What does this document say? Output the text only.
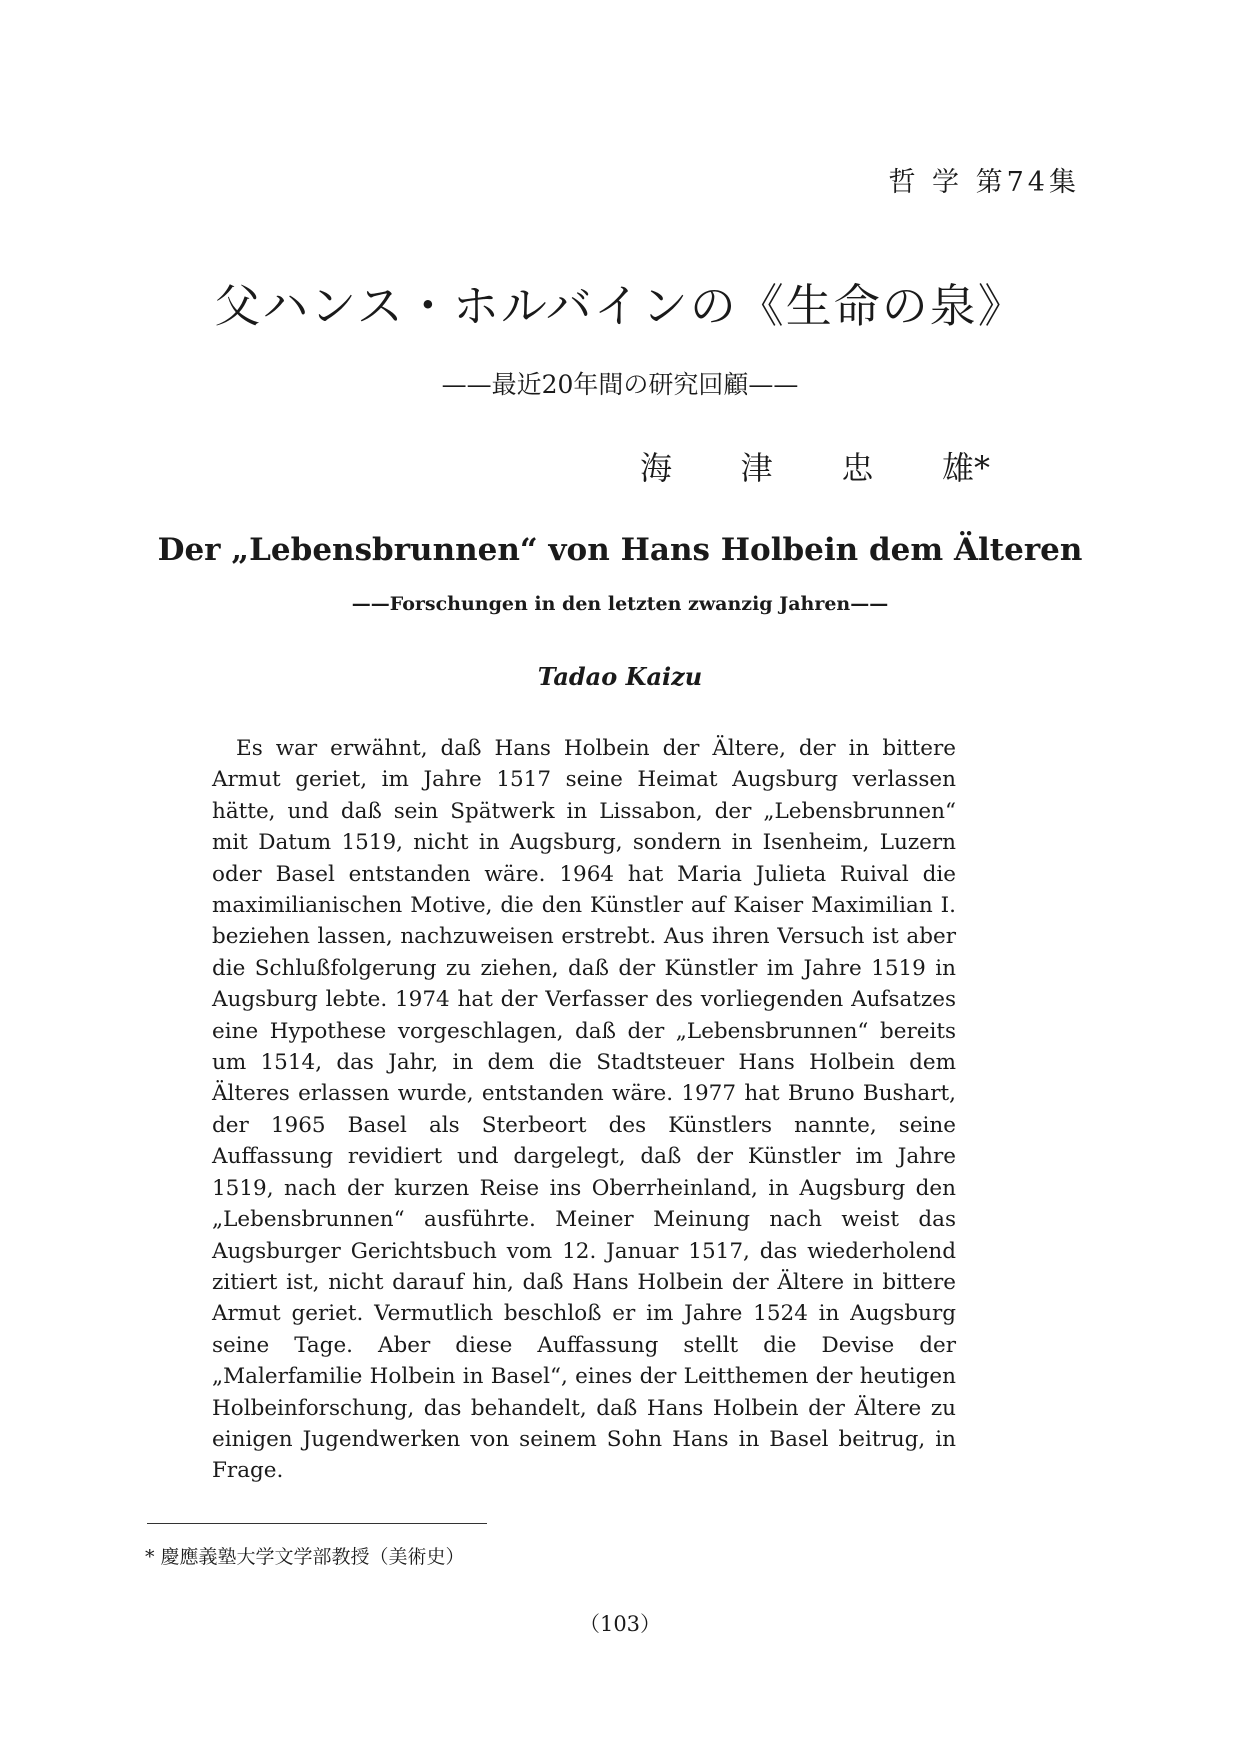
哲 学 第74集
父ハンス・ホルバインの《生命の泉》
——最近20年間の研究回顧——
海 津 忠 雄*
Der „Lebensbrunnen“ von Hans Holbein dem Älteren
——Forschungen in den letzten zwanzig Jahren——
Tadao Kaizu
Es war erwähnt, daß Hans Holbein der Ältere, der in bittere Armut geriet, im Jahre 1517 seine Heimat Augsburg verlassen hätte, und daß sein Spätwerk in Lissabon, der „Lebensbrunnen“ mit Datum 1519, nicht in Augsburg, sondern in Isenheim, Luzern oder Basel entstanden wäre. 1964 hat Maria Julieta Ruival die maximilianischen Motive, die den Künstler auf Kaiser Maximilian I. beziehen lassen, nachzuweisen erstrebt. Aus ihren Versuch ist aber die Schlußfolgerung zu ziehen, daß der Künstler im Jahre 1519 in Augsburg lebte. 1974 hat der Verfasser des vorliegenden Aufsatzes eine Hypothese vorgeschlagen, daß der „Lebensbrunnen“ bereits um 1514, das Jahr, in dem die Stadtsteuer Hans Holbein dem Älteres erlassen wurde, entstanden wäre. 1977 hat Bruno Bushart, der 1965 Basel als Sterbeort des Künstlers nannte, seine Auffassung revidiert und dargelegt, daß der Künstler im Jahre 1519, nach der kurzen Reise ins Oberrheinland, in Augsburg den „Lebensbrunnen“ ausführte. Meiner Meinung nach weist das Augsburger Gerichtsbuch vom 12. Januar 1517, das wiederholend zitiert ist, nicht darauf hin, daß Hans Holbein der Ältere in bittere Armut geriet. Vermutlich beschloß er im Jahre 1524 in Augsburg seine Tage. Aber diese Auffassung stellt die Devise der „Malerfamilie Holbein in Basel“, eines der Leitthemen der heutigen Holbeinforschung, das behandelt, daß Hans Holbein der Ältere zu einigen Jugendwerken von seinem Sohn Hans in Basel beitrug, in Frage.
* 慶應義塾大学文学部教授（美術史）
（103）
